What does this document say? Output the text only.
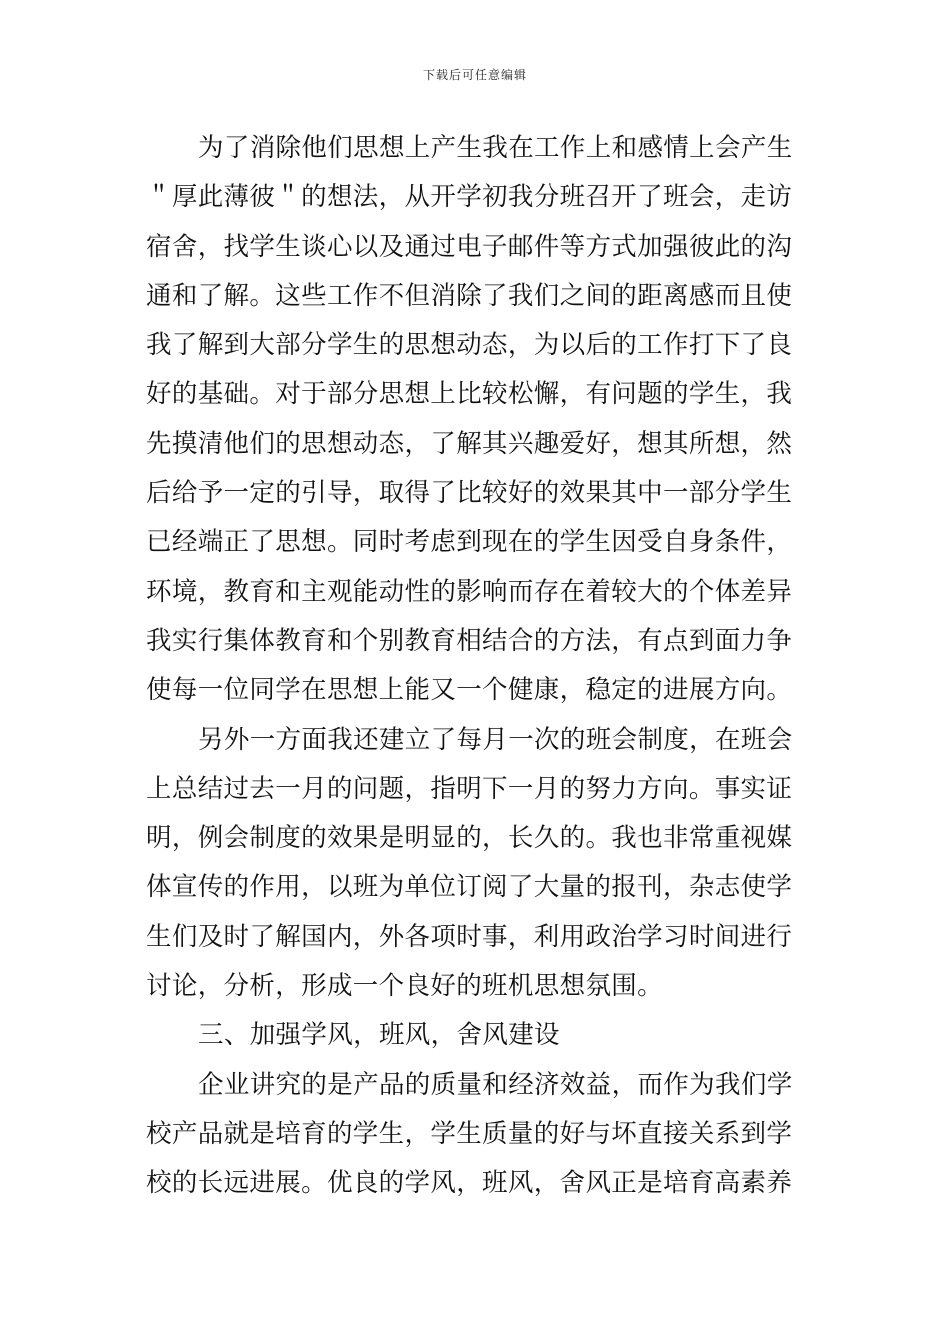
下载后可任意编辑
为了消除他们思想上产生我在工作上和感情上会产生
＂厚此薄彼＂的想法，从开学初我分班召开了班会，走访
宿舍，找学生谈心以及通过电子邮件等方式加强彼此的沟
通和了解。这些工作不但消除了我们之间的距离感而且使
我了解到大部分学生的思想动态，为以后的工作打下了良
好的基础。对于部分思想上比较松懈，有问题的学生，我
先摸清他们的思想动态，了解其兴趣爱好，想其所想，然
后给予一定的引导，取得了比较好的效果其中一部分学生
已经端正了思想。同时考虑到现在的学生因受自身条件，
环境，教育和主观能动性的影响而存在着较大的个体差异
我实行集体教育和个别教育相结合的方法，有点到面力争
使每一位同学在思想上能又一个健康，稳定的进展方向。
另外一方面我还建立了每月一次的班会制度，在班会
上总结过去一月的问题，指明下一月的努力方向。事实证
明，例会制度的效果是明显的，长久的。我也非常重视媒
体宣传的作用，以班为单位订阅了大量的报刊，杂志使学
生们及时了解国内，外各项时事，利用政治学习时间进行
讨论，分析，形成一个良好的班机思想氛围。
三、加强学风，班风，舍风建设
企业讲究的是产品的质量和经济效益，而作为我们学
校产品就是培育的学生，学生质量的好与坏直接关系到学
校的长远进展。优良的学风，班风，舍风正是培育高素养
